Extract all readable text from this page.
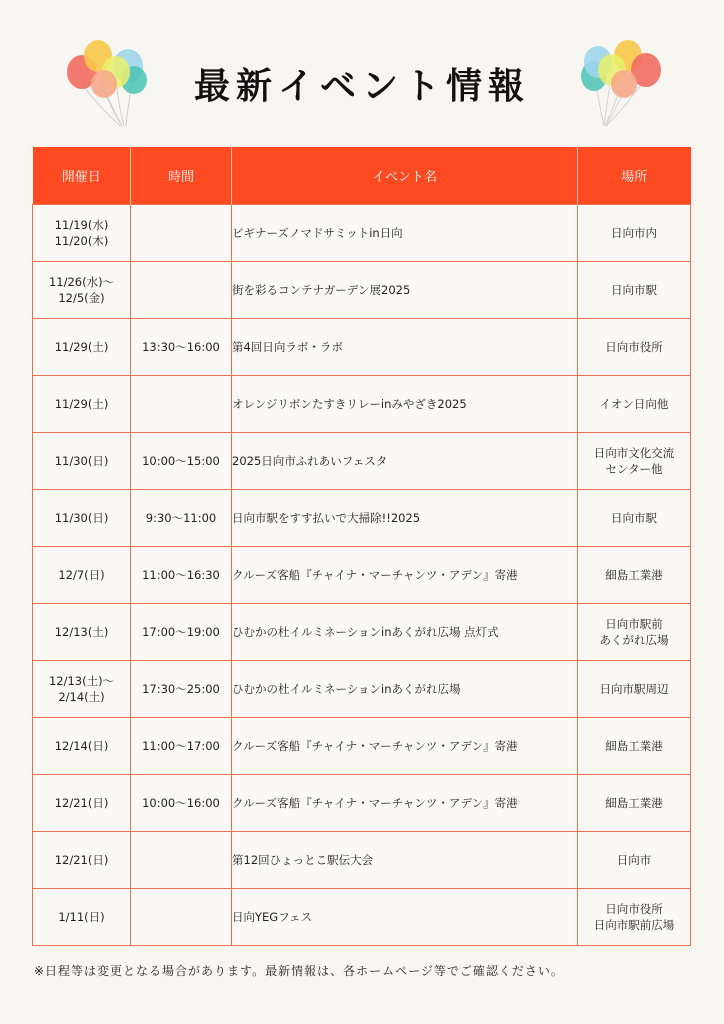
最新イベント情報
開催日	時間	イベント名	場所

11/19(水)
11/20(木)		ビギナーズノマドサミットin日向	日向市内

11/26(水)～
12/5(金)		街を彩るコンテナガーデン展2025	日向市駅

11/29(土)	13:30～16:00	第4回日向ラボ・ラボ	日向市役所

11/29(土)		オレンジリボンたすきリレーinみやざき2025	イオン日向他

11/30(日)	10:00～15:00	2025日向市ふれあいフェスタ	日向市文化交流
センター他

11/30(日)	9:30～11:00	日向市駅をすす払いで大掃除!!2025	日向市駅

12/7(日)	11:00～16:30	クルーズ客船『チャイナ・マーチャンツ・アデン』寄港	細島工業港

12/13(土)	17:00～19:00	ひむかの杜イルミネーションinあくがれ広場 点灯式	日向市駅前
あくがれ広場

12/13(土)～
2/14(土)	17:30～25:00	ひむかの杜イルミネーションinあくがれ広場	日向市駅周辺

12/14(日)	11:00～17:00	クルーズ客船『チャイナ・マーチャンツ・アデン』寄港	細島工業港

12/21(日)	10:00～16:00	クルーズ客船『チャイナ・マーチャンツ・アデン』寄港	細島工業港

12/21(日)		第12回ひょっとこ駅伝大会	日向市

1/11(日)		日向YEGフェス	日向市役所
日向市駅前広場
※日程等は変更となる場合があります。最新情報は、各ホームページ等でご確認ください。
